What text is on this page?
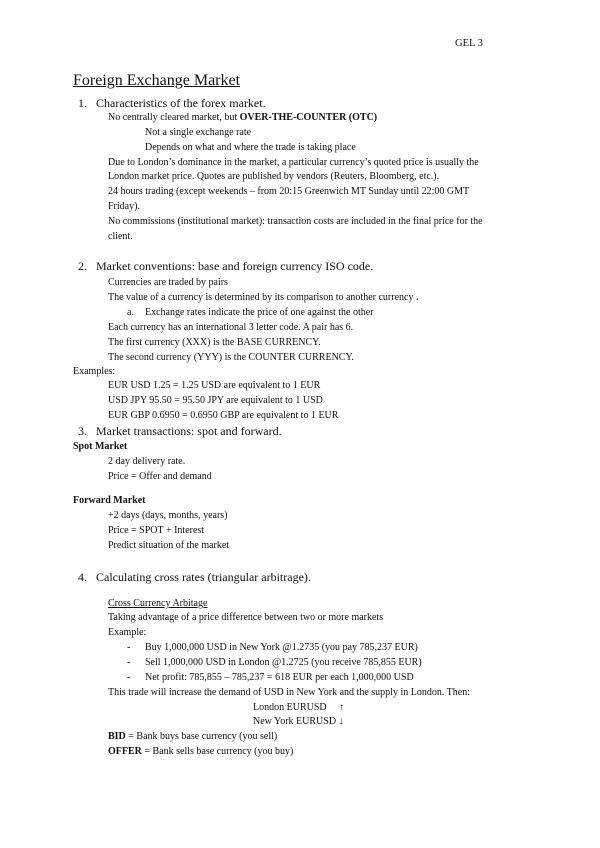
GEL 3
Foreign Exchange Market
1. Characteristics of the forex market.
No centrally cleared market, but OVER-THE-COUNTER (OTC)
Not a single exchange rate
Depends on what and where the trade is taking place
Due to London’s dominance in the market, a particular currency’s quoted price is usually the
London market price. Quotes are published by vendors (Reuters, Bloomberg, etc.).
24 hours trading (except weekends – from 20:15 Greenwich MT Sunday until 22:00 GMT
Friday).
No commissions (institutional market): transaction costs are included in the final price for the
client.
2. Market conventions: base and foreign currency ISO code.
Currencies are traded by pairs
The value of a currency is determined by its comparison to another currency .
a. Exchange rates indicate the price of one against the other
Each currency has an international 3 letter code. A pair has 6.
The first currency (XXX) is the BASE CURRENCY.
The second currency (YYY) is the COUNTER CURRENCY.
Examples:
EUR USD 1.25 = 1.25 USD are equivalent to 1 EUR
USD JPY 95.50 = 95.50 JPY are equivalent to 1 USD
EUR GBP 0.6950 = 0.6950 GBP are equivalent to 1 EUR
3. Market transactions: spot and forward.
Spot Market
2 day delivery rate.
Price = Offer and demand
Forward Market
+2 days (days, months, years)
Price = SPOT + Interest
Predict situation of the market
4. Calculating cross rates (triangular arbitrage).
Cross Currency Arbitage
Taking advantage of a price difference between two or more markets
Example:
- Buy 1,000,000 USD in New York @1.2735 (you pay 785,237 EUR)
- Sell 1,000,000 USD in London @1.2725 (you receive 785,855 EUR)
- Net profit: 785,855 – 785,237 = 618 EUR per each 1,000,000 USD
This trade will increase the demand of USD in New York and the supply in London. Then:
London EURUSD ↑
New York EURUSD ↓
BID = Bank buys base currency (you sell)
OFFER = Bank sells base currency (you buy)
